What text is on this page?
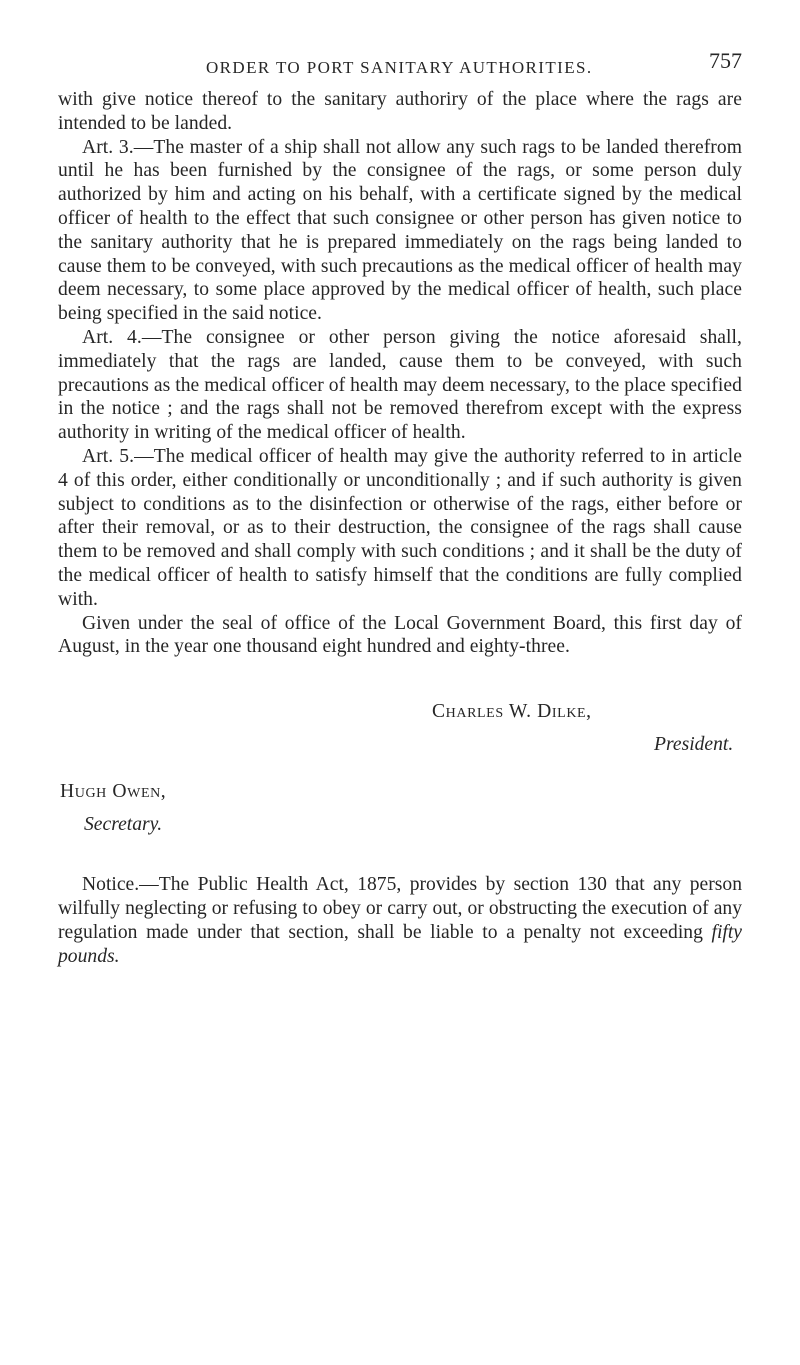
ORDER TO PORT SANITARY AUTHORITIES.	757

with give notice thereof to the sanitary authoriry of the place where the rags are intended to be landed.

Art. 3.—The master of a ship shall not allow any such rags to be landed therefrom until he has been furnished by the consignee of the rags, or some person duly authorized by him and acting on his behalf, with a certificate signed by the medical officer of health to the effect that such consignee or other person has given notice to the sanitary authority that he is prepared immediately on the rags being landed to cause them to be conveyed, with such precautions as the medical officer of health may deem necessary, to some place approved by the medical officer of health, such place being specified in the said notice.

Art. 4.—The consignee or other person giving the notice aforesaid shall, immediately that the rags are landed, cause them to be conveyed, with such precautions as the medical officer of health may deem necessary, to the place specified in the notice ; and the rags shall not be removed therefrom except with the express authority in writing of the medical officer of health.

Art. 5.—The medical officer of health may give the authority referred to in article 4 of this order, either conditionally or unconditionally ; and if such authority is given subject to conditions as to the disinfection or otherwise of the rags, either before or after their removal, or as to their destruction, the consignee of the rags shall cause them to be removed and shall comply with such conditions ; and it shall be the duty of the medical officer of health to satisfy himself that the conditions are fully complied with.

Given under the seal of office of the Local Government Board, this first day of August, in the year one thousand eight hundred and eighty-three.

Charles W. Dilke,
President.
Hugh Owen,
Secretary.
Notice.—The Public Health Act, 1875, provides by section 130 that any person wilfully neglecting or refusing to obey or carry out, or obstructing the execution of any regulation made under that section, shall be liable to a penalty not exceeding fifty pounds.
